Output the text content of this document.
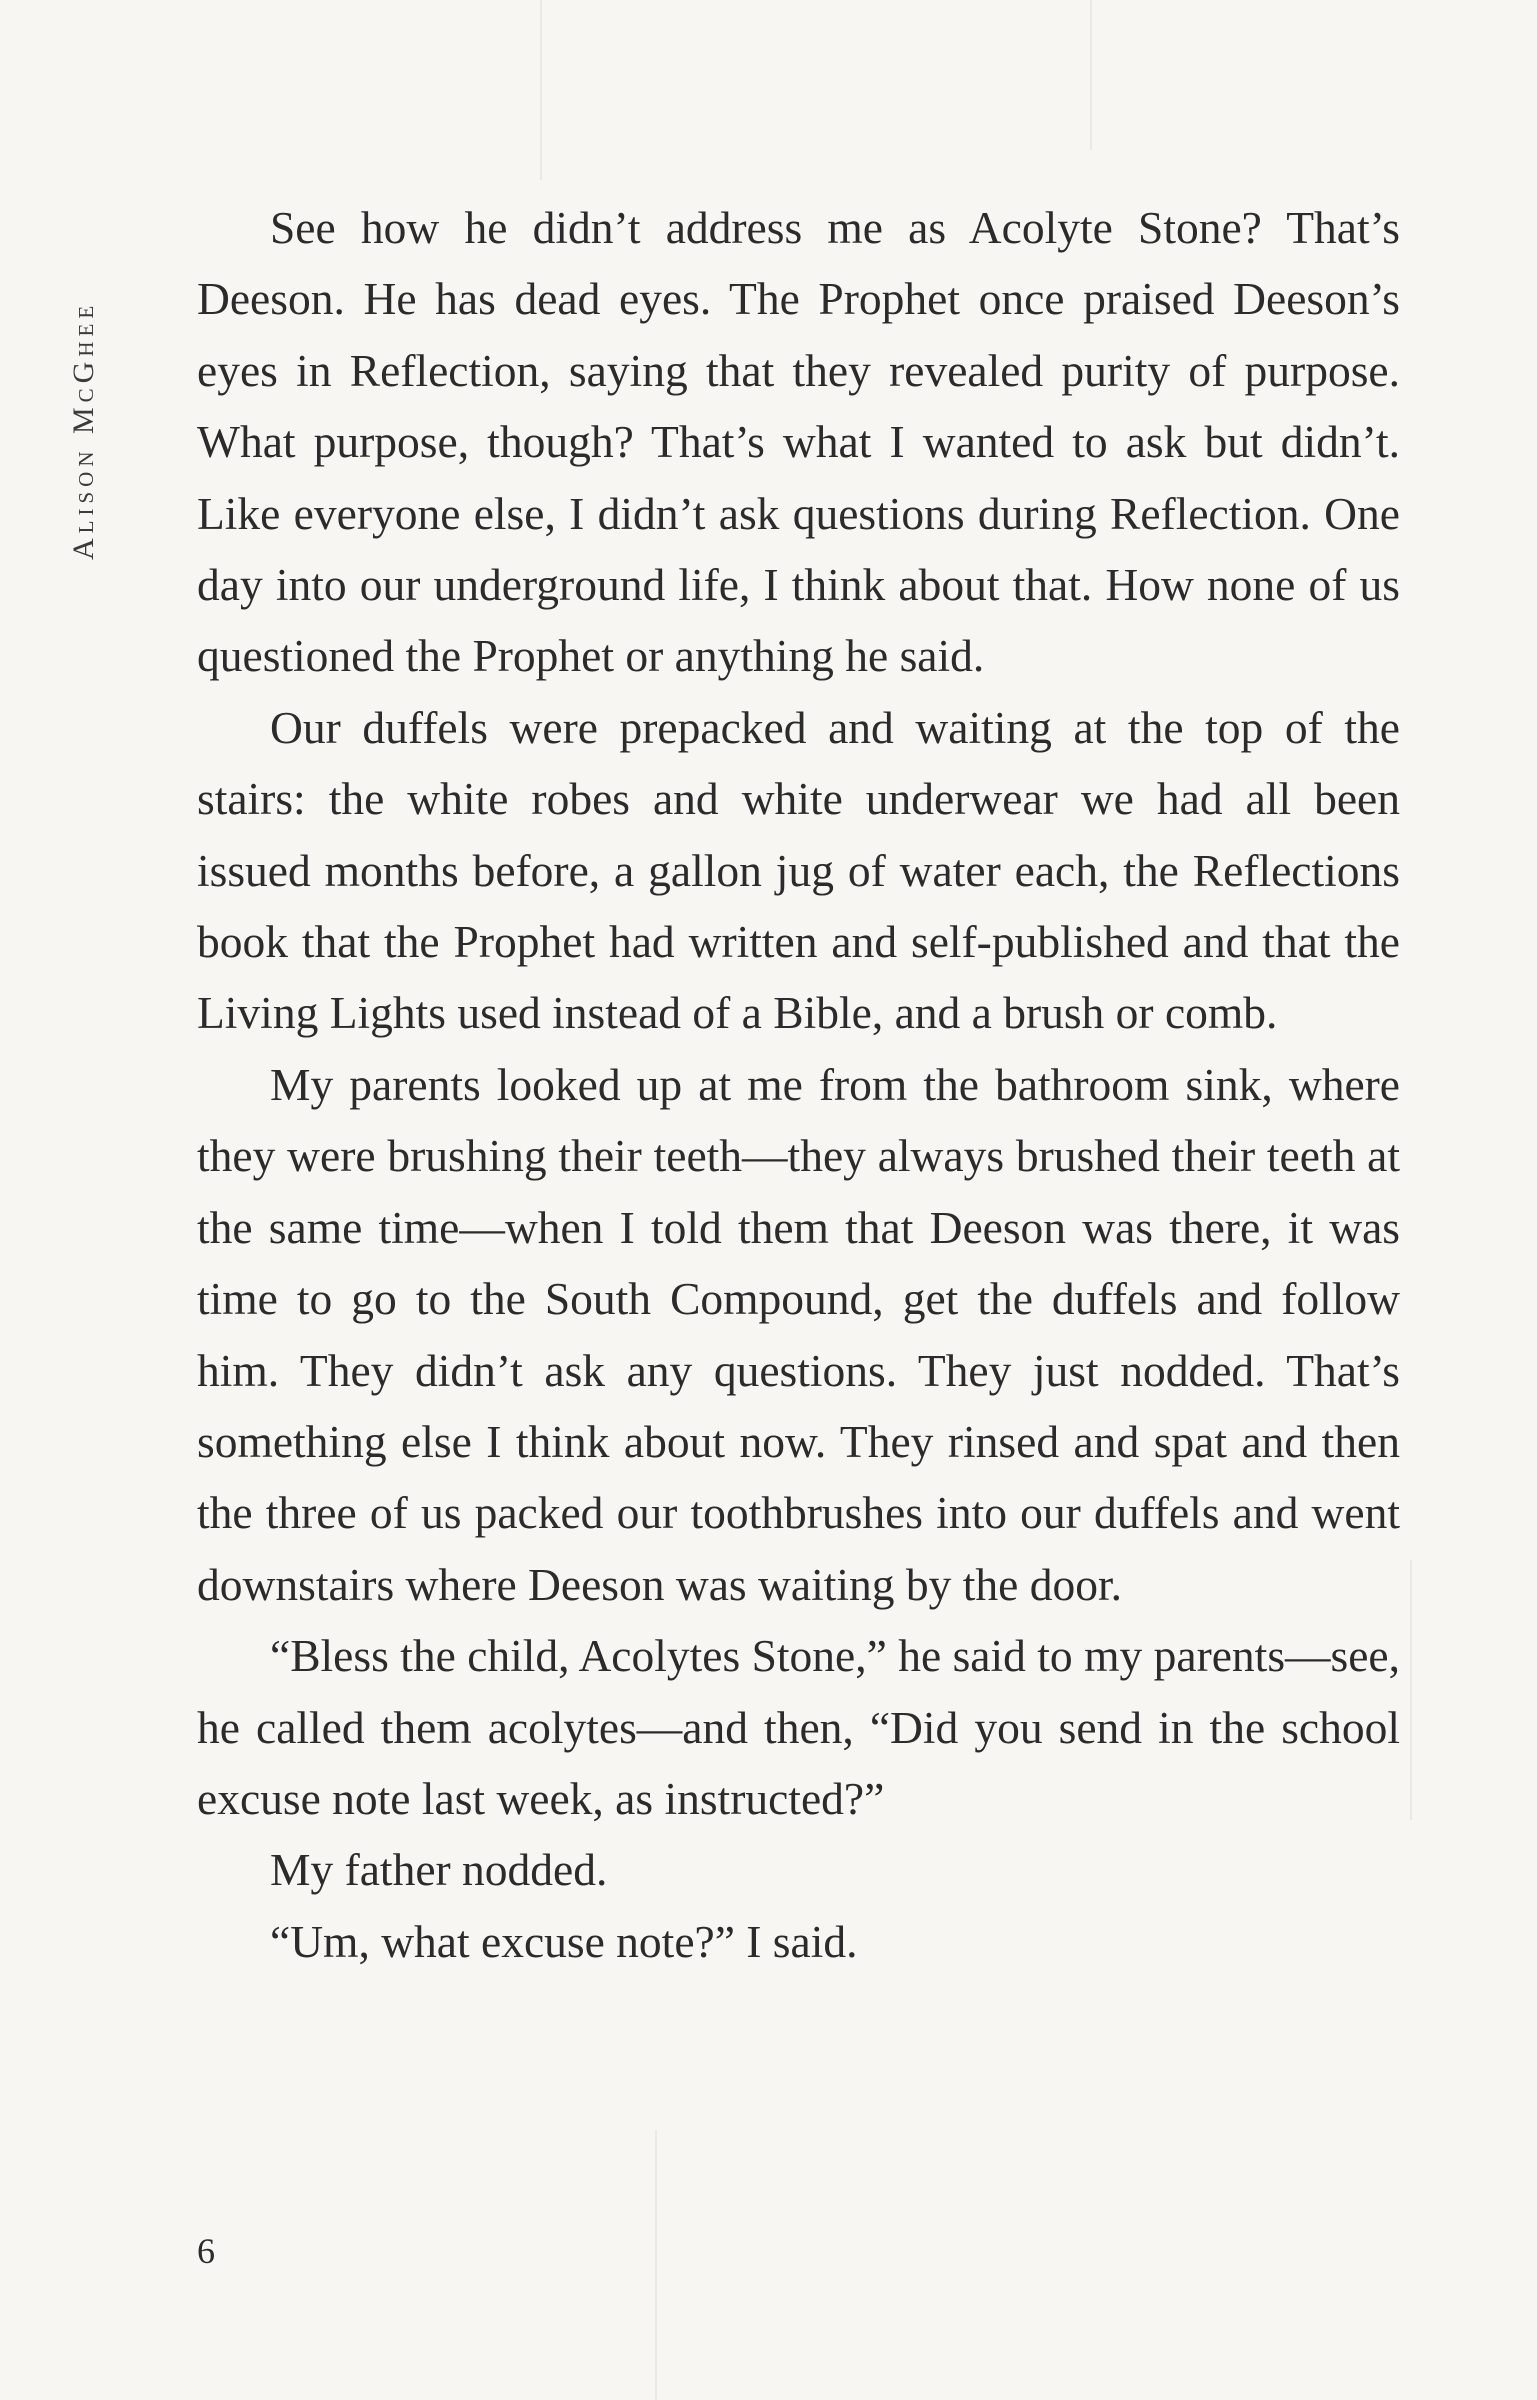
Alison McGhee

See how he didn’t address me as Acolyte Stone? That’s Deeson. He has dead eyes. The Prophet once praised Deeson’s eyes in Reflection, saying that they revealed purity of purpose. What purpose, though? That’s what I wanted to ask but didn’t. Like everyone else, I didn’t ask questions during Reflection. One day into our underground life, I think about that. How none of us questioned the Prophet or anything he said.

Our duffels were prepacked and waiting at the top of the stairs: the white robes and white underwear we had all been issued months before, a gallon jug of water each, the Reflections book that the Prophet had written and self-published and that the Living Lights used instead of a Bible, and a brush or comb.

My parents looked up at me from the bathroom sink, where they were brushing their teeth—they always brushed their teeth at the same time—when I told them that Deeson was there, it was time to go to the South Compound, get the duffels and follow him. They didn’t ask any questions. They just nodded. That’s something else I think about now. They rinsed and spat and then the three of us packed our toothbrushes into our duffels and went downstairs where Deeson was waiting by the door.

“Bless the child, Acolytes Stone,” he said to my parents—see, he called them acolytes—and then, “Did you send in the school excuse note last week, as instructed?”

My father nodded.

“Um, what excuse note?” I said.

6
